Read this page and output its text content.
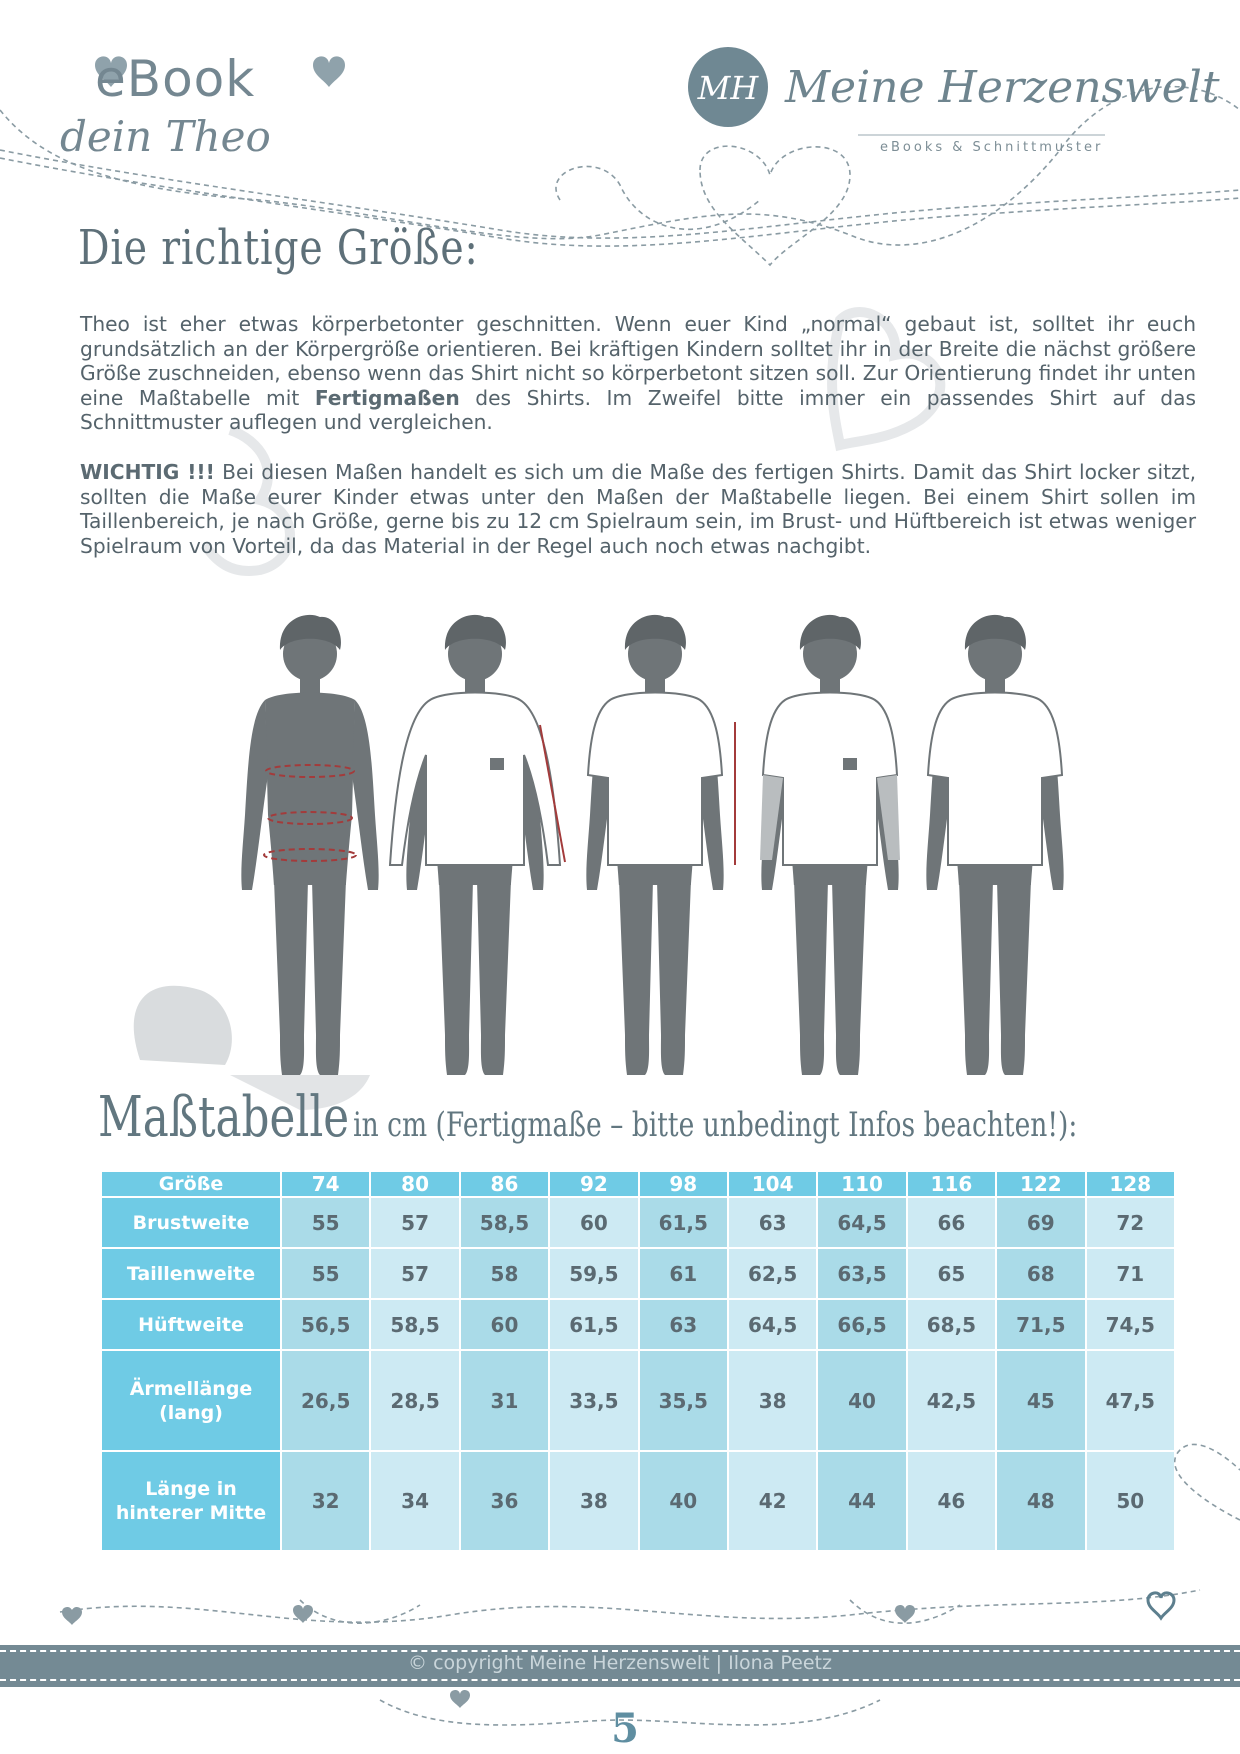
MH
eBook
dein Theo
Meine Herzenswelt
eBooks & Schnittmuster
Die richtige Größe:
Theo ist eher etwas körperbetonter geschnitten. Wenn euer Kind „normal“ gebaut ist, solltet ihr euch grundsätzlich an der Körpergröße orientieren. Bei kräftigen Kindern solltet ihr in der Breite die nächst größere Größe zuschneiden, ebenso wenn das Shirt nicht so körperbetont sitzen soll. Zur Orientierung findet ihr unten eine Maßtabelle mit Fertigmaßen des Shirts. Im Zweifel bitte immer ein passendes Shirt auf das Schnittmuster auflegen und vergleichen.
WICHTIG !!! Bei diesen Maßen handelt es sich um die Maße des fertigen Shirts. Damit das Shirt locker sitzt, sollten die Maße eurer Kinder etwas unter den Maßen der Maßtabelle liegen. Bei einem Shirt sollen im Taillenbereich, je nach Größe, gerne bis zu 12 cm Spielraum sein, im Brust- und Hüftbereich ist etwas weniger Spielraum von Vorteil, da das Material in der Regel auch noch etwas nachgibt.
Maßtabelle in cm (Fertigmaße – bitte unbedingt Infos beachten!):
Größe	74	80	86	92	98	104	110	116	122	128
Brustweite	55	57	58,5	60	61,5	63	64,5	66	69	72
Taillenweite	55	57	58	59,5	61	62,5	63,5	65	68	71
Hüftweite	56,5	58,5	60	61,5	63	64,5	66,5	68,5	71,5	74,5
Ärmellänge (lang)	26,5	28,5	31	33,5	35,5	38	40	42,5	45	47,5
Länge in hinterer Mitte	32	34	36	38	40	42	44	46	48	50
© copyright Meine Herzenswelt | Ilona Peetz
5
